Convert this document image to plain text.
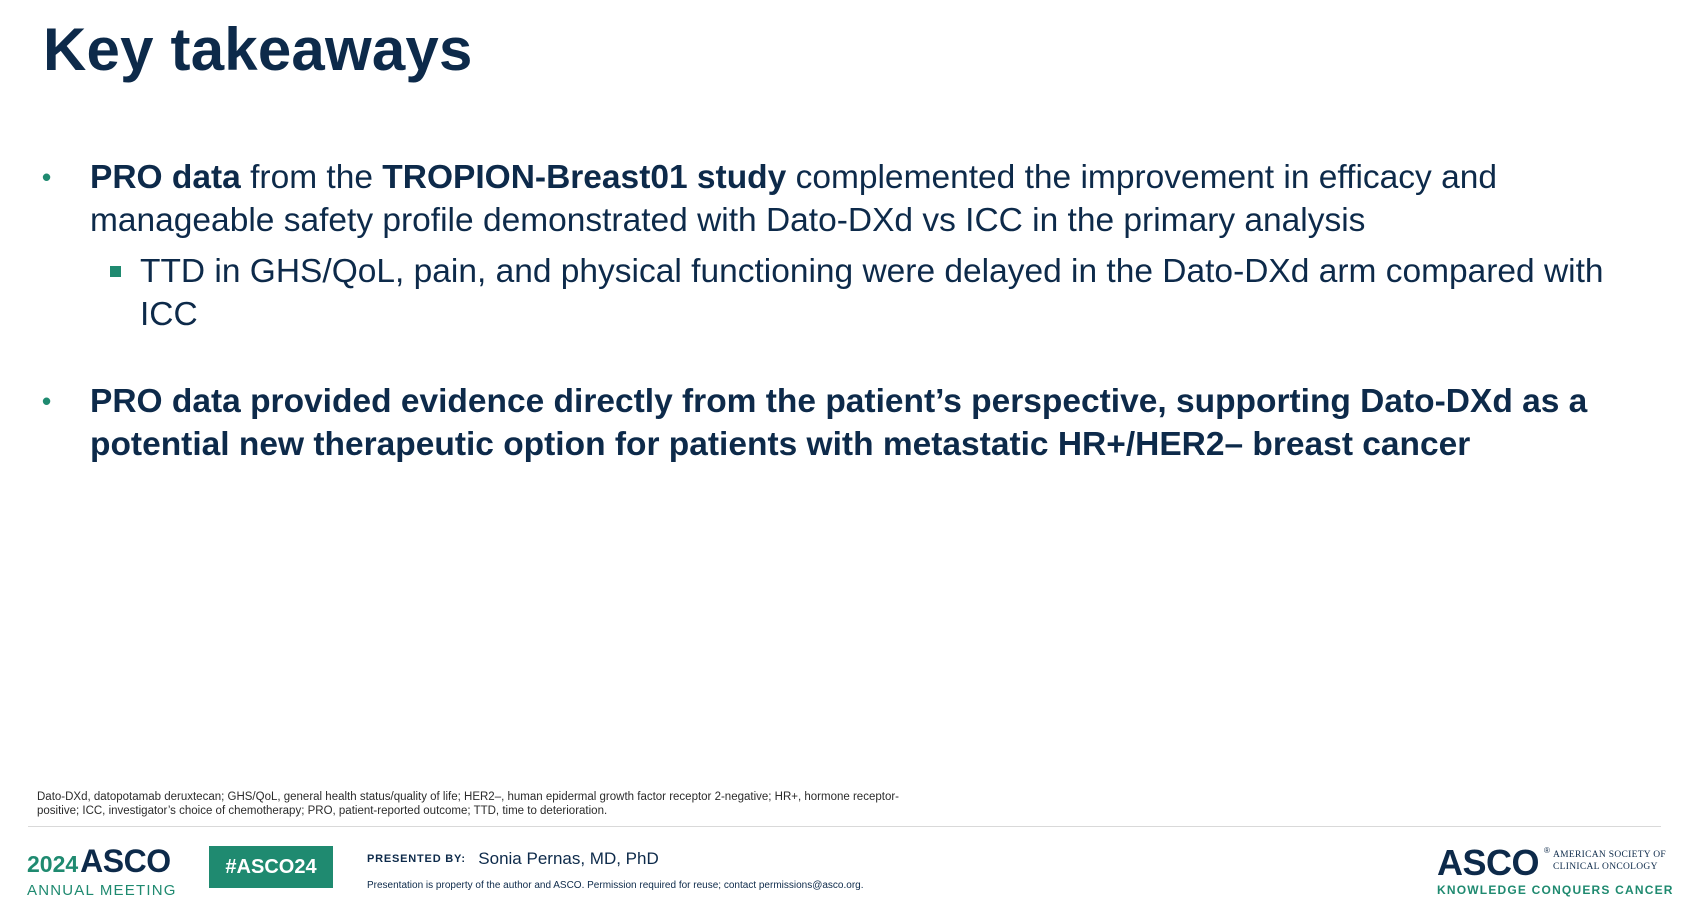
Key takeaways
• PRO data from the TROPION-Breast01 study complemented the improvement in efficacy and manageable safety profile demonstrated with Dato-DXd vs ICC in the primary analysis
TTD in GHS/QoL, pain, and physical functioning were delayed in the Dato-DXd arm compared with ICC
• PRO data provided evidence directly from the patient’s perspective, supporting Dato-DXd as a potential new therapeutic option for patients with metastatic HR+/HER2– breast cancer
Dato-DXd, datopotamab deruxtecan; GHS/QoL, general health status/quality of life; HER2–, human epidermal growth factor receptor 2-negative; HR+, hormone receptor-positive; ICC, investigator’s choice of chemotherapy; PRO, patient-reported outcome; TTD, time to deterioration.
2024ASCO
ANNUAL MEETING
#ASCO24	PRESENTED BY: Sonia Pernas, MD, PhD
Presentation is property of the author and ASCO. Permission required for reuse; contact permissions@asco.org.
ASCO ® AMERICAN SOCIETY OF
CLINICAL ONCOLOGY
KNOWLEDGE CONQUERS CANCER
